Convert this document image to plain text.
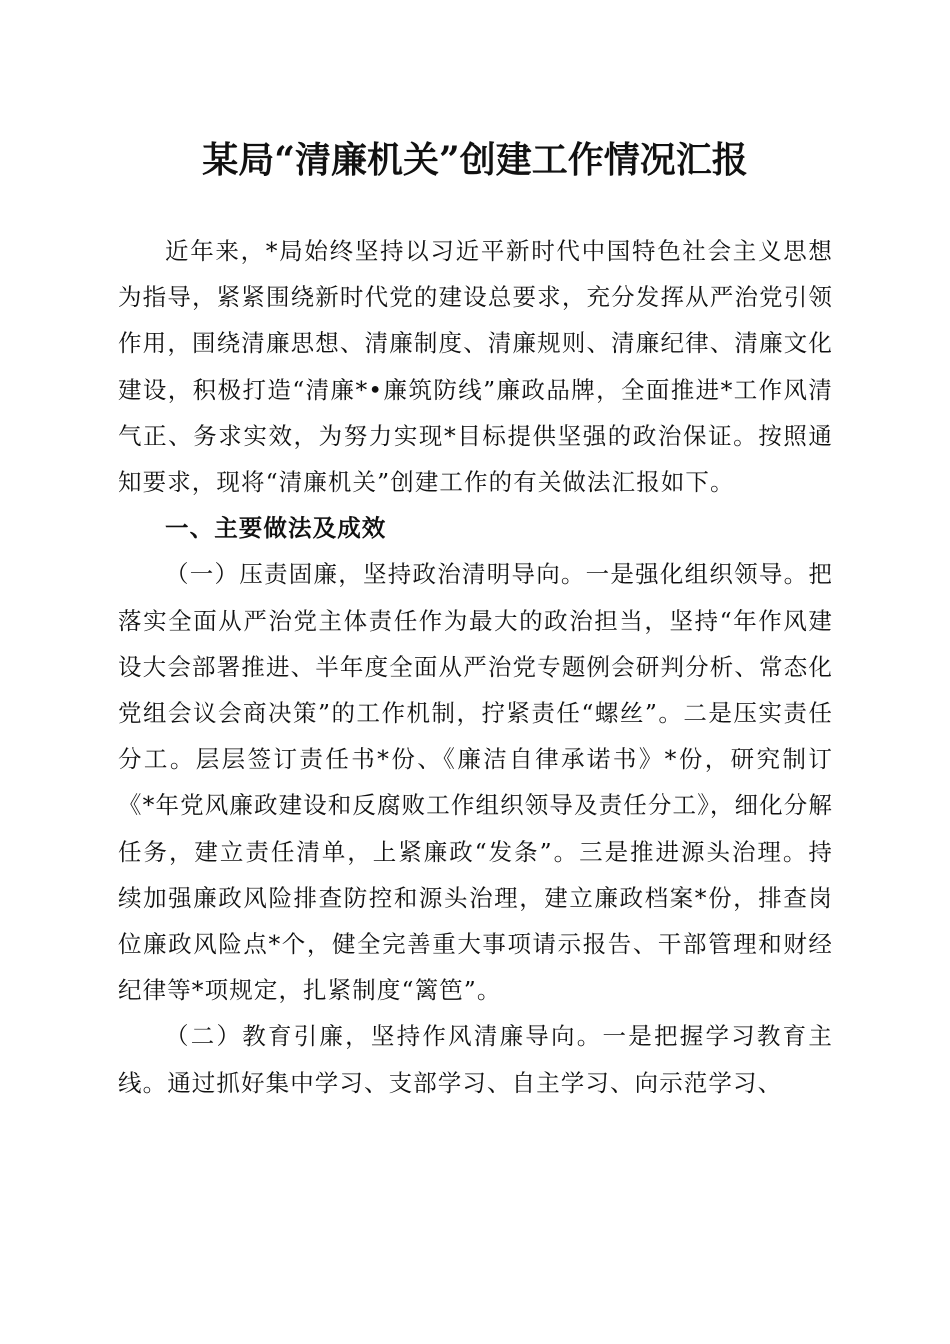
某局“清廉机关”创建工作情况汇报

近年来，*局始终坚持以习近平新时代中国特色社会主义思想为指导，紧紧围绕新时代党的建设总要求，充分发挥从严治党引领作用，围绕清廉思想、清廉制度、清廉规则、清廉纪律、清廉文化建设，积极打造“清廉*•廉筑防线”廉政品牌，全面推进*工作风清气正、务求实效，为努力实现*目标提供坚强的政治保证。按照通知要求，现将“清廉机关”创建工作的有关做法汇报如下。

一、主要做法及成效

（一）压责固廉，坚持政治清明导向。一是强化组织领导。把落实全面从严治党主体责任作为最大的政治担当，坚持“年作风建设大会部署推进、半年度全面从严治党专题例会研判分析、常态化党组会议会商决策”的工作机制，拧紧责任“螺丝”。二是压实责任分工。层层签订责任书*份、《廉洁自律承诺书》*份，研究制订《*年党风廉政建设和反腐败工作组织领导及责任分工》，细化分解任务，建立责任清单，上紧廉政“发条”。三是推进源头治理。持续加强廉政风险排查防控和源头治理，建立廉政档案*份，排查岗位廉政风险点*个，健全完善重大事项请示报告、干部管理和财经纪律等*项规定，扎紧制度“篱笆”。

（二）教育引廉，坚持作风清廉导向。一是把握学习教育主线。通过抓好集中学习、支部学习、自主学习、向示范学习、
